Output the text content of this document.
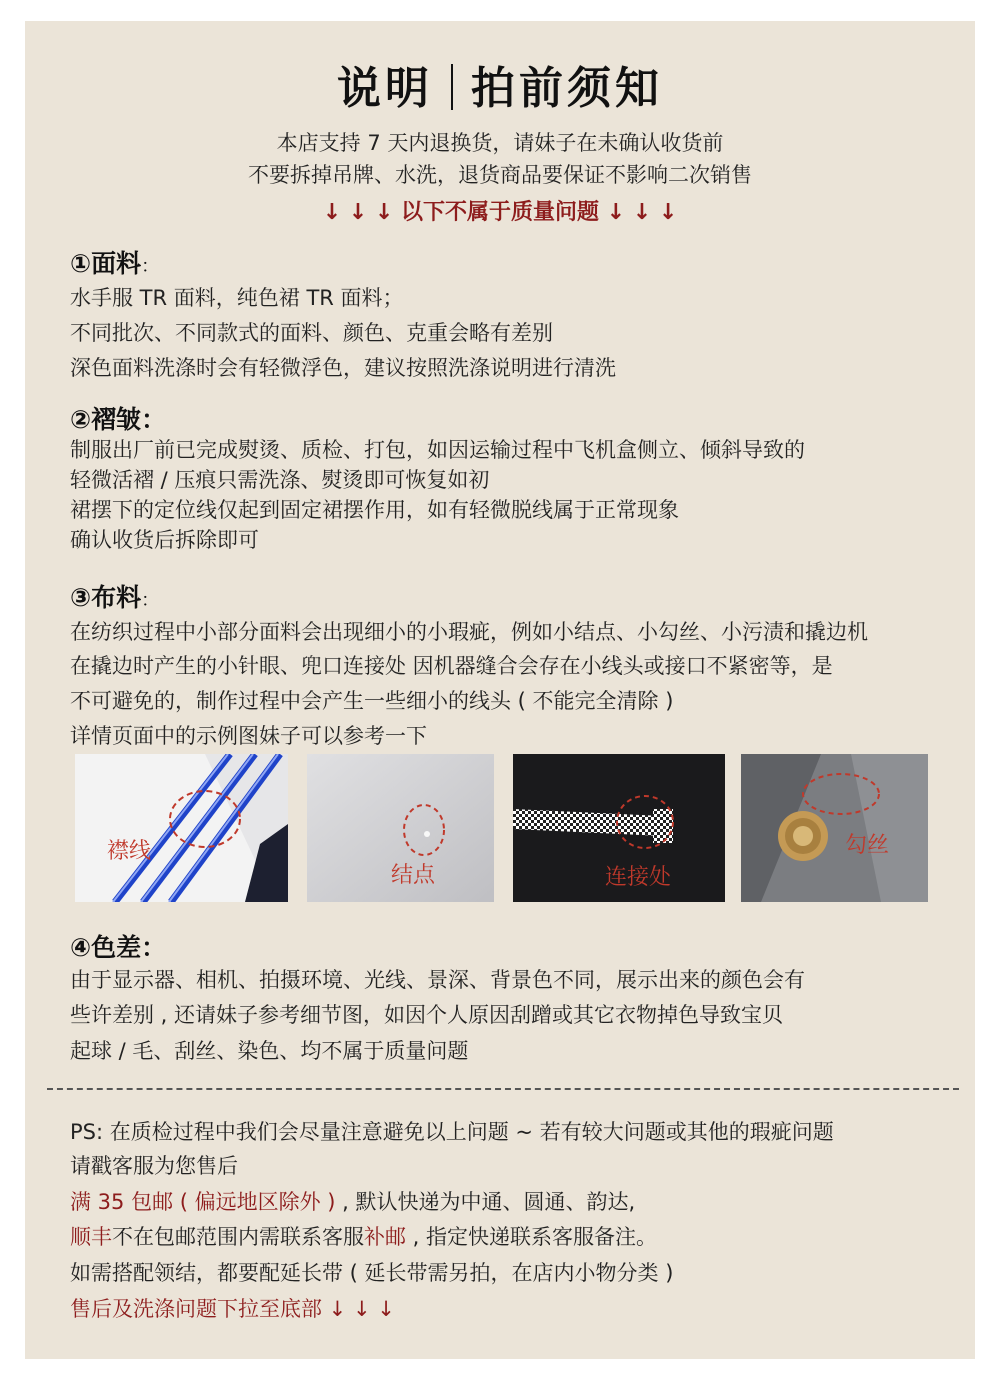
说明 拍前须知
本店支持 7 天内退换货，请妹子在未确认收货前
不要拆掉吊牌、水洗，退货商品要保证不影响二次销售
↓ ↓ ↓ 以下不属于质量问题 ↓ ↓ ↓
①面料：
水手服 TR 面料，纯色裙 TR 面料；
不同批次、不同款式的面料、颜色、克重会略有差别
深色面料洗涤时会有轻微浮色，建议按照洗涤说明进行清洗
②褶皱：
制服出厂前已完成熨烫、质检、打包，如因运输过程中飞机盒侧立、倾斜导致的
轻微活褶 / 压痕只需洗涤、熨烫即可恢复如初
裙摆下的定位线仅起到固定裙摆作用，如有轻微脱线属于正常现象
确认收货后拆除即可
③布料：
在纺织过程中小部分面料会出现细小的小瑕疵，例如小结点、小勾丝、小污渍和撬边机
在撬边时产生的小针眼、兜口连接处 因机器缝合会存在小线头或接口不紧密等，是
不可避免的，制作过程中会产生一些细小的线头 ( 不能完全清除 )
详情页面中的示例图妹子可以参考一下
襟线
结点	连接处
勾丝
④色差：
由于显示器、相机、拍摄环境、光线、景深、背景色不同，展示出来的颜色会有
些许差别 , 还请妹子参考细节图，如因个人原因刮蹭或其它衣物掉色导致宝贝
起球 / 毛、刮丝、染色、均不属于质量问题
PS: 在质检过程中我们会尽量注意避免以上问题 ~ 若有较大问题或其他的瑕疵问题
请戳客服为您售后
满 35 包邮 ( 偏远地区除外 ) , 默认快递为中通、圆通、韵达,
顺丰不在包邮范围内需联系客服补邮 , 指定快递联系客服备注。
如需搭配领结，都要配延长带 ( 延长带需另拍，在店内小物分类 )
售后及洗涤问题下拉至底部 ↓ ↓ ↓
